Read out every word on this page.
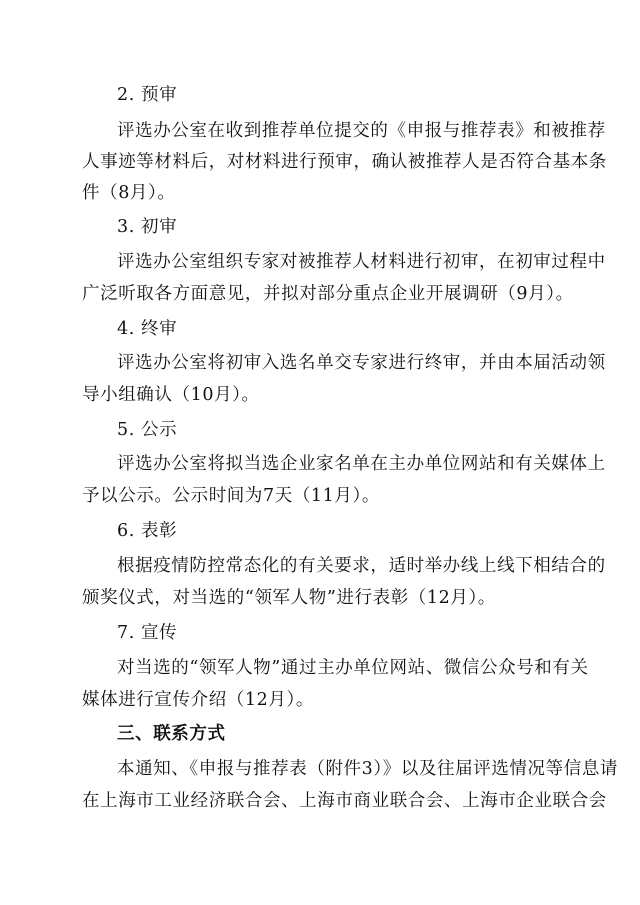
2. 预审
评选办公室在收到推荐单位提交的《申报与推荐表》和被推荐
人事迹等材料后，对材料进行预审，确认被推荐人是否符合基本条
件（8月）。
3. 初审
评选办公室组织专家对被推荐人材料进行初审，在初审过程中
广泛听取各方面意见，并拟对部分重点企业开展调研（9月）。
4. 终审
评选办公室将初审入选名单交专家进行终审，并由本届活动领
导小组确认（10月）。
5. 公示
评选办公室将拟当选企业家名单在主办单位网站和有关媒体上
予以公示。公示时间为7天（11月）。
6. 表彰
根据疫情防控常态化的有关要求，适时举办线上线下相结合的
颁奖仪式，对当选的“领军人物”进行表彰（12月）。
7. 宣传
对当选的“领军人物”通过主办单位网站、微信公众号和有关
媒体进行宣传介绍（12月）。
三、联系方式
本通知、《申报与推荐表（附件3）》以及往届评选情况等信息请
在上海市工业经济联合会、上海市商业联合会、上海市企业联合会
